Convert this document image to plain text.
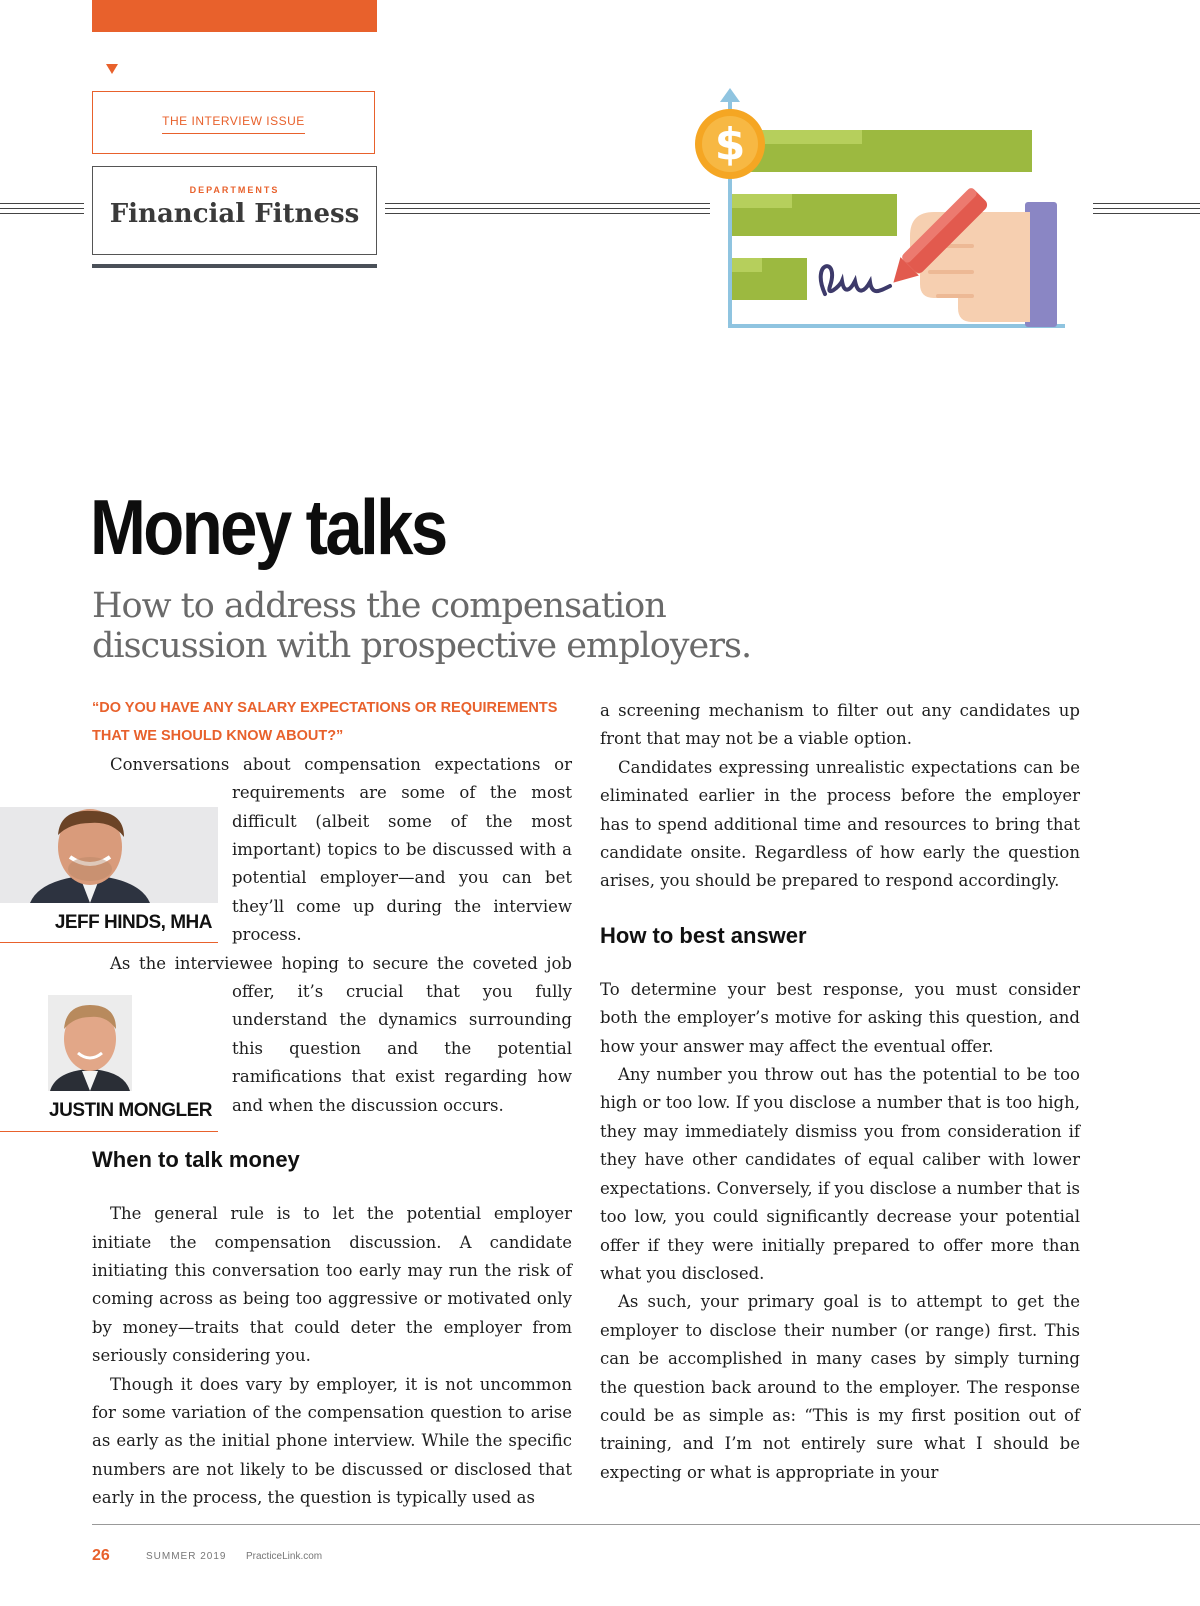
THE INTERVIEW ISSUE
DEPARTMENTS
Financial Fitness
$
Money talks
How to address the compensation discussion with prospective employers.
“DO YOU HAVE ANY SALARY EXPECTATIONS OR REQUIREMENTS THAT WE SHOULD KNOW ABOUT?”
JEFF HINDS, MHA
JUSTIN MONGLER

Conversations about compensation expectations or requirements are some of the most difficult (albeit some of the most important) topics to be discussed with a potential employer—and you can bet they’ll come up during the interview process.

As the interviewee hoping to secure the coveted job offer, it’s crucial that you fully understand the dynamics surrounding this question and the potential ramifications that exist regarding how and when the discussion occurs.

When to talk money

The general rule is to let the potential employer initiate the compensation discussion. A candidate initiating this conversation too early may run the risk of coming across as being too aggressive or motivated only by money—traits that could deter the employer from seriously considering you.

Though it does vary by employer, it is not uncommon for some variation of the compensation question to arise as early as the initial phone interview. While the specific numbers are not likely to be discussed or disclosed that early in the process, the question is typically used as

a screening mechanism to filter out any candidates up front that may not be a viable option.

Candidates expressing unrealistic expectations can be eliminated earlier in the process before the employer has to spend additional time and resources to bring that candidate onsite. Regardless of how early the question arises, you should be prepared to respond accordingly.

How to best answer

To determine your best response, you must consider both the employer’s motive for asking this question, and how your answer may affect the eventual offer.

Any number you throw out has the potential to be too high or too low. If you disclose a number that is too high, they may immediately dismiss you from consideration if they have other candidates of equal caliber with lower expectations. Conversely, if you disclose a number that is too low, you could significantly decrease your potential offer if they were initially prepared to offer more than what you disclosed.

As such, your primary goal is to attempt to get the employer to disclose their number (or range) first. This can be accomplished in many cases by simply turning the question back around to the employer. The response could be as simple as: “This is my first position out of training, and I’m not entirely sure what I should be expecting or what is appropriate in your

26	SUMMER 2019 PracticeLink.com
